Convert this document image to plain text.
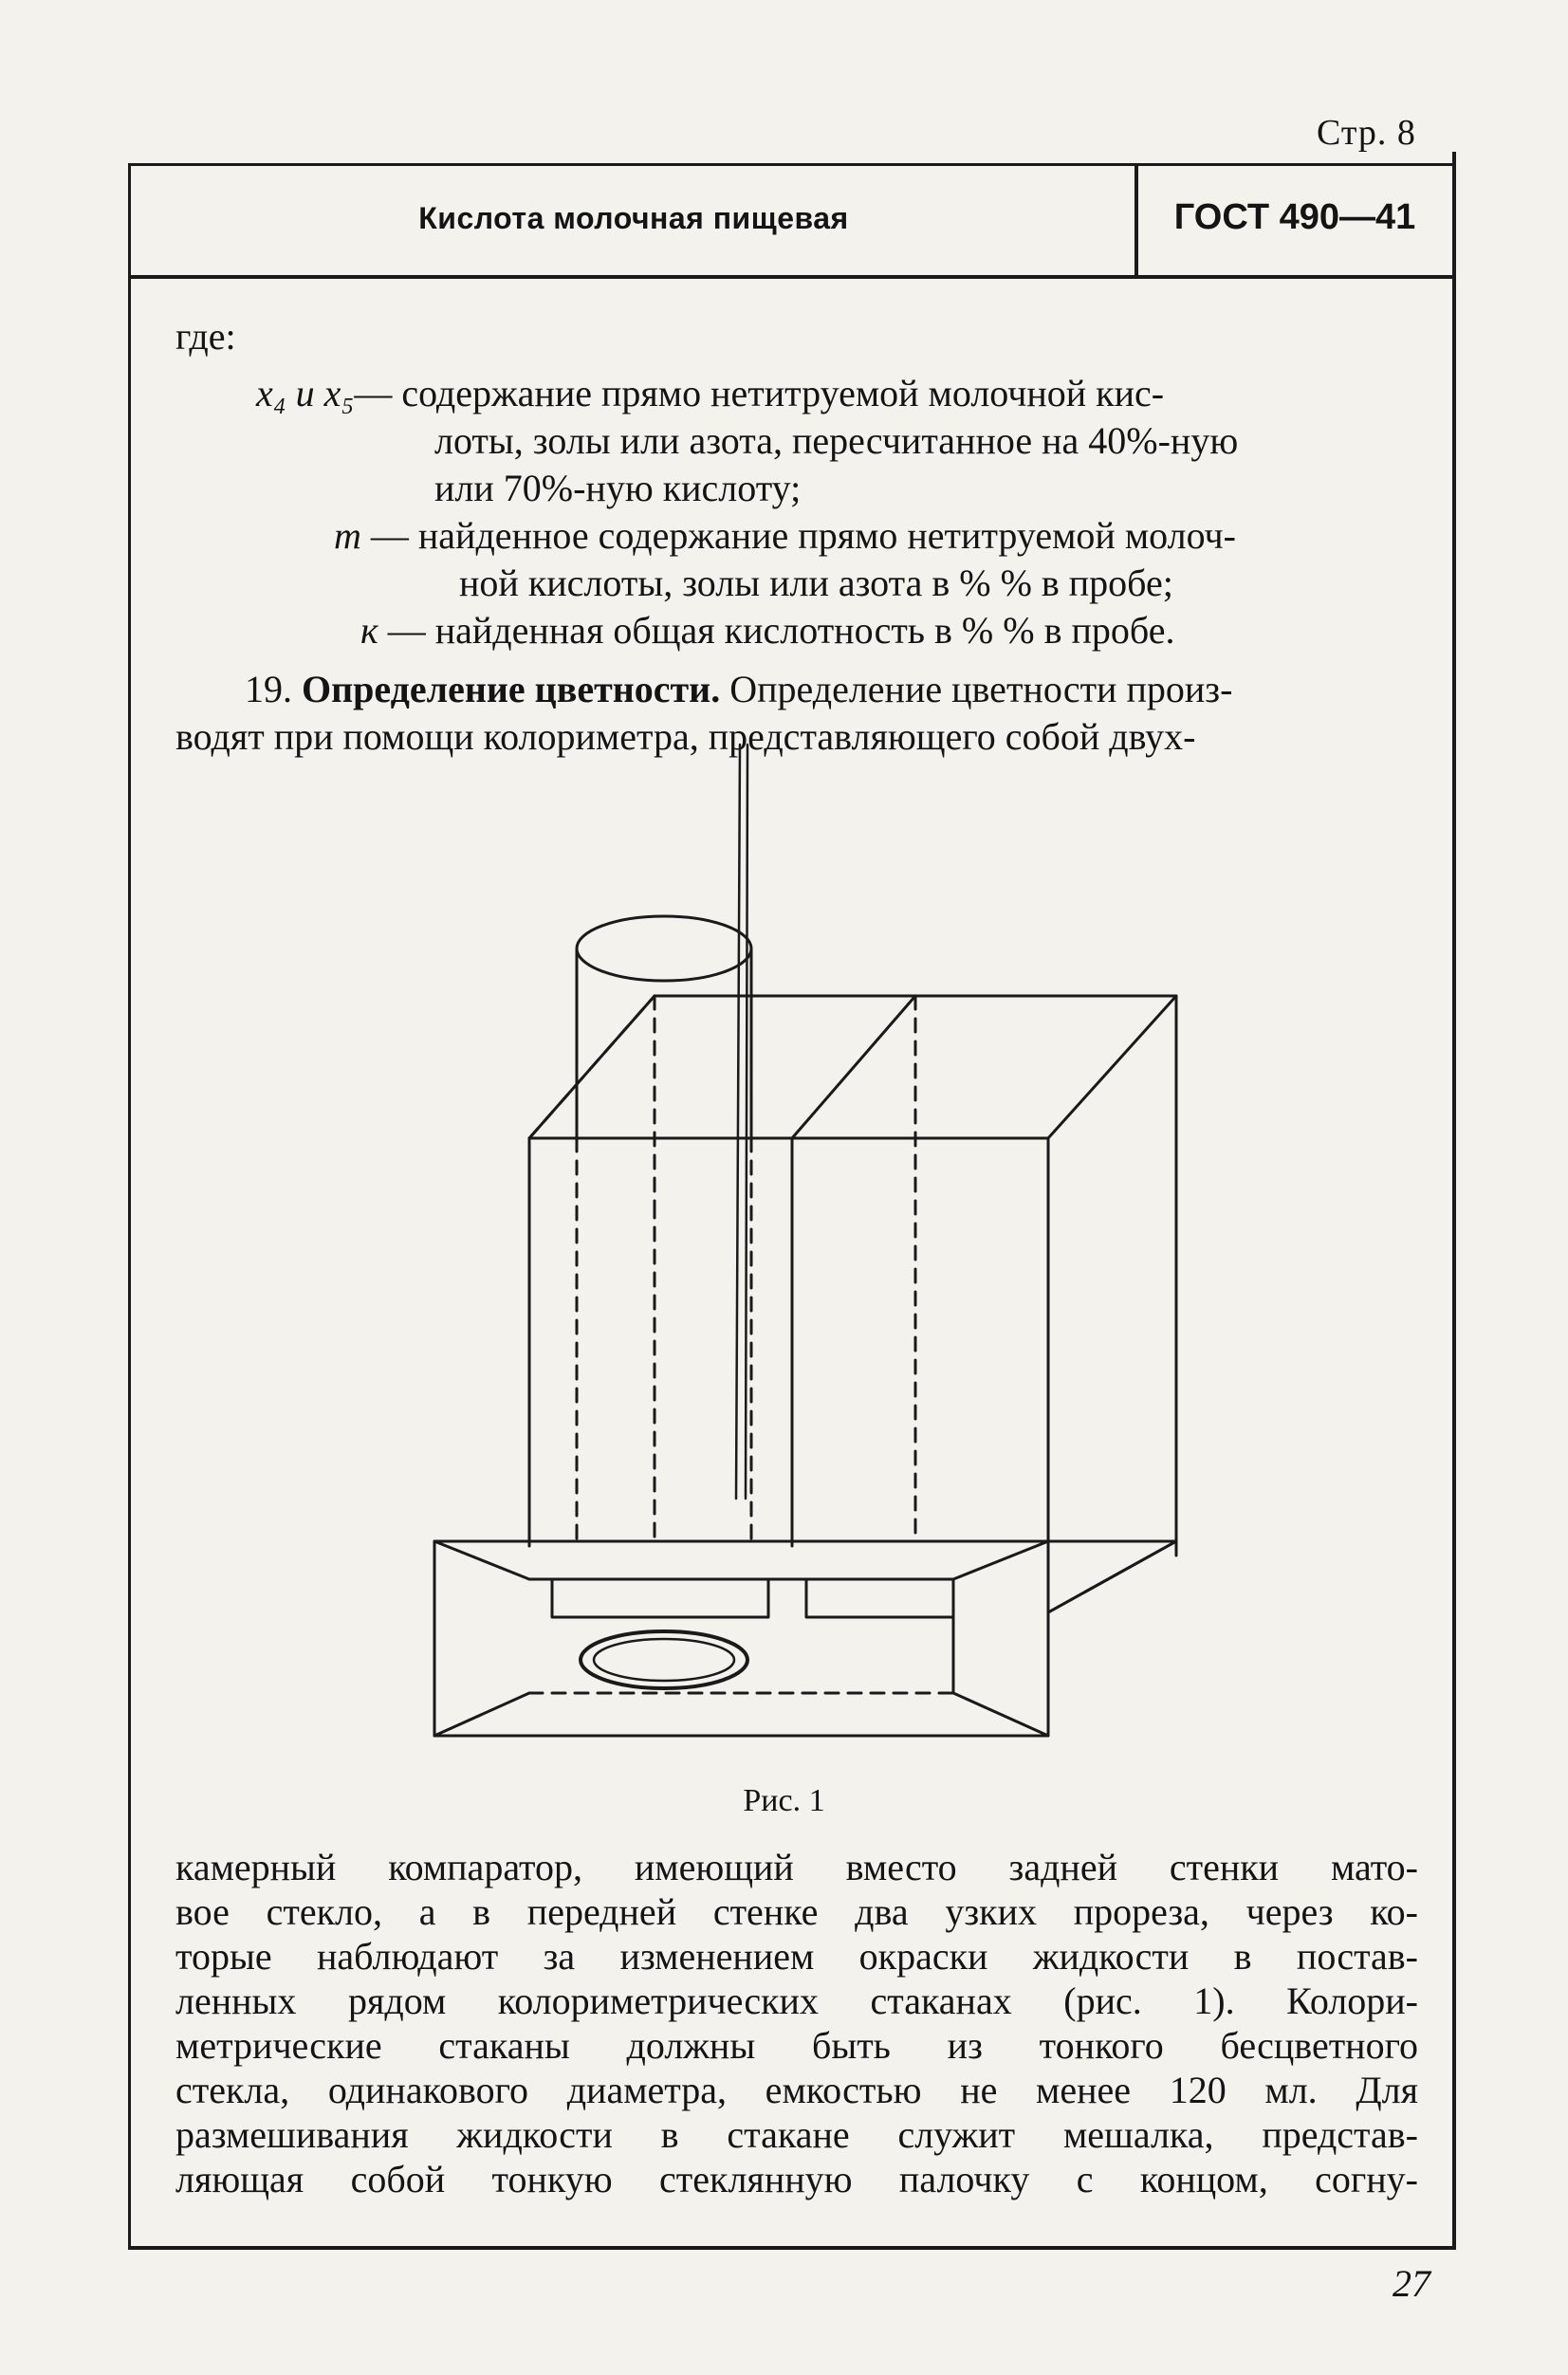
Стр. 8
Кислота молочная пищевая	ГОСТ 490—41
где:
x₄ и x₅— содержание прямо нетитруемой молочной кис-
лоты, золы или азота, пересчитанное на 40%-ную
или 70%-ную кислоту;
m — найденное содержание прямо нетитруемой молоч-
ной кислоты, золы или азота в % % в пробе;
к — найденная общая кислотность в % % в пробе.
19. Определение цветности. Определение цветности произ-
водят при помощи колориметра, представляющего собой двух-
Рис. 1
камерный компаратор, имеющий вместо задней стенки мато-
вое стекло, а в передней стенке два узких прореза, через ко-
торые наблюдают за изменением окраски жидкости в постав-
ленных рядом колориметрических стаканах (рис. 1). Колори-
метрические стаканы должны быть из тонкого бесцветного
стекла, одинакового диаметра, емкостью не менее 120 мл. Для
размешивания жидкости в стакане служит мешалка, представ-
ляющая собой тонкую стеклянную палочку с концом, согну-
27
